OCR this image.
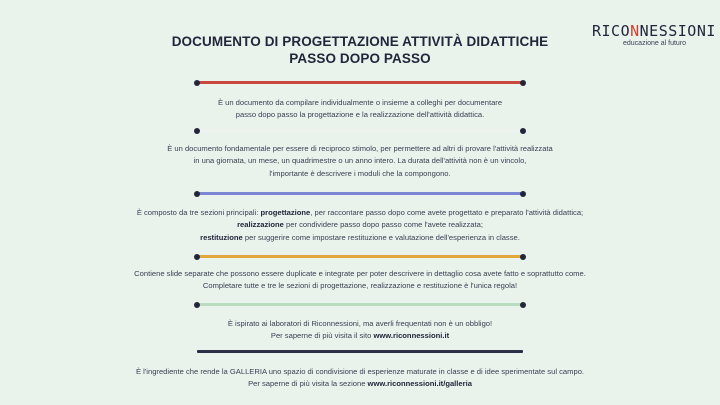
DOCUMENTO DI PROGETTAZIONE ATTIVITÀ DIDATTICHE
PASSO DOPO PASSO
RICONNESSIONI
educazione al futuro
È un documento da compilare individualmente o insieme a colleghi per documentare
passo dopo passo la progettazione e la realizzazione dell'attività didattica.
È un documento fondamentale per essere di reciproco stimolo, per permettere ad altri di provare l'attività realizzata
in una giornata, un mese, un quadrimestre o un anno intero. La durata dell'attività non è un vincolo,
l'importante è descrivere i moduli che la compongono.
È composto da tre sezioni principali: progettazione, per raccontare passo dopo come avete progettato e preparato l'attività didattica;
realizzazione per condividere passo dopo passo come l'avete realizzata;
restituzione per suggerire come impostare restituzione e valutazione dell'esperienza in classe.
Contiene slide separate che possono essere duplicate e integrate per poter descrivere in dettaglio cosa avete fatto e soprattutto come.
Completare tutte e tre le sezioni di progettazione, realizzazione e restituzione è l'unica regola!
È ispirato ai laboratori di Riconnessioni, ma averli frequentati non è un obbligo!
Per saperne di più visita il sito www.riconnessioni.it
È l'ingrediente che rende la GALLERIA uno spazio di condivisione di esperienze maturate in classe e di idee sperimentate sul campo.
Per saperne di più visita la sezione www.riconnessioni.it/galleria
